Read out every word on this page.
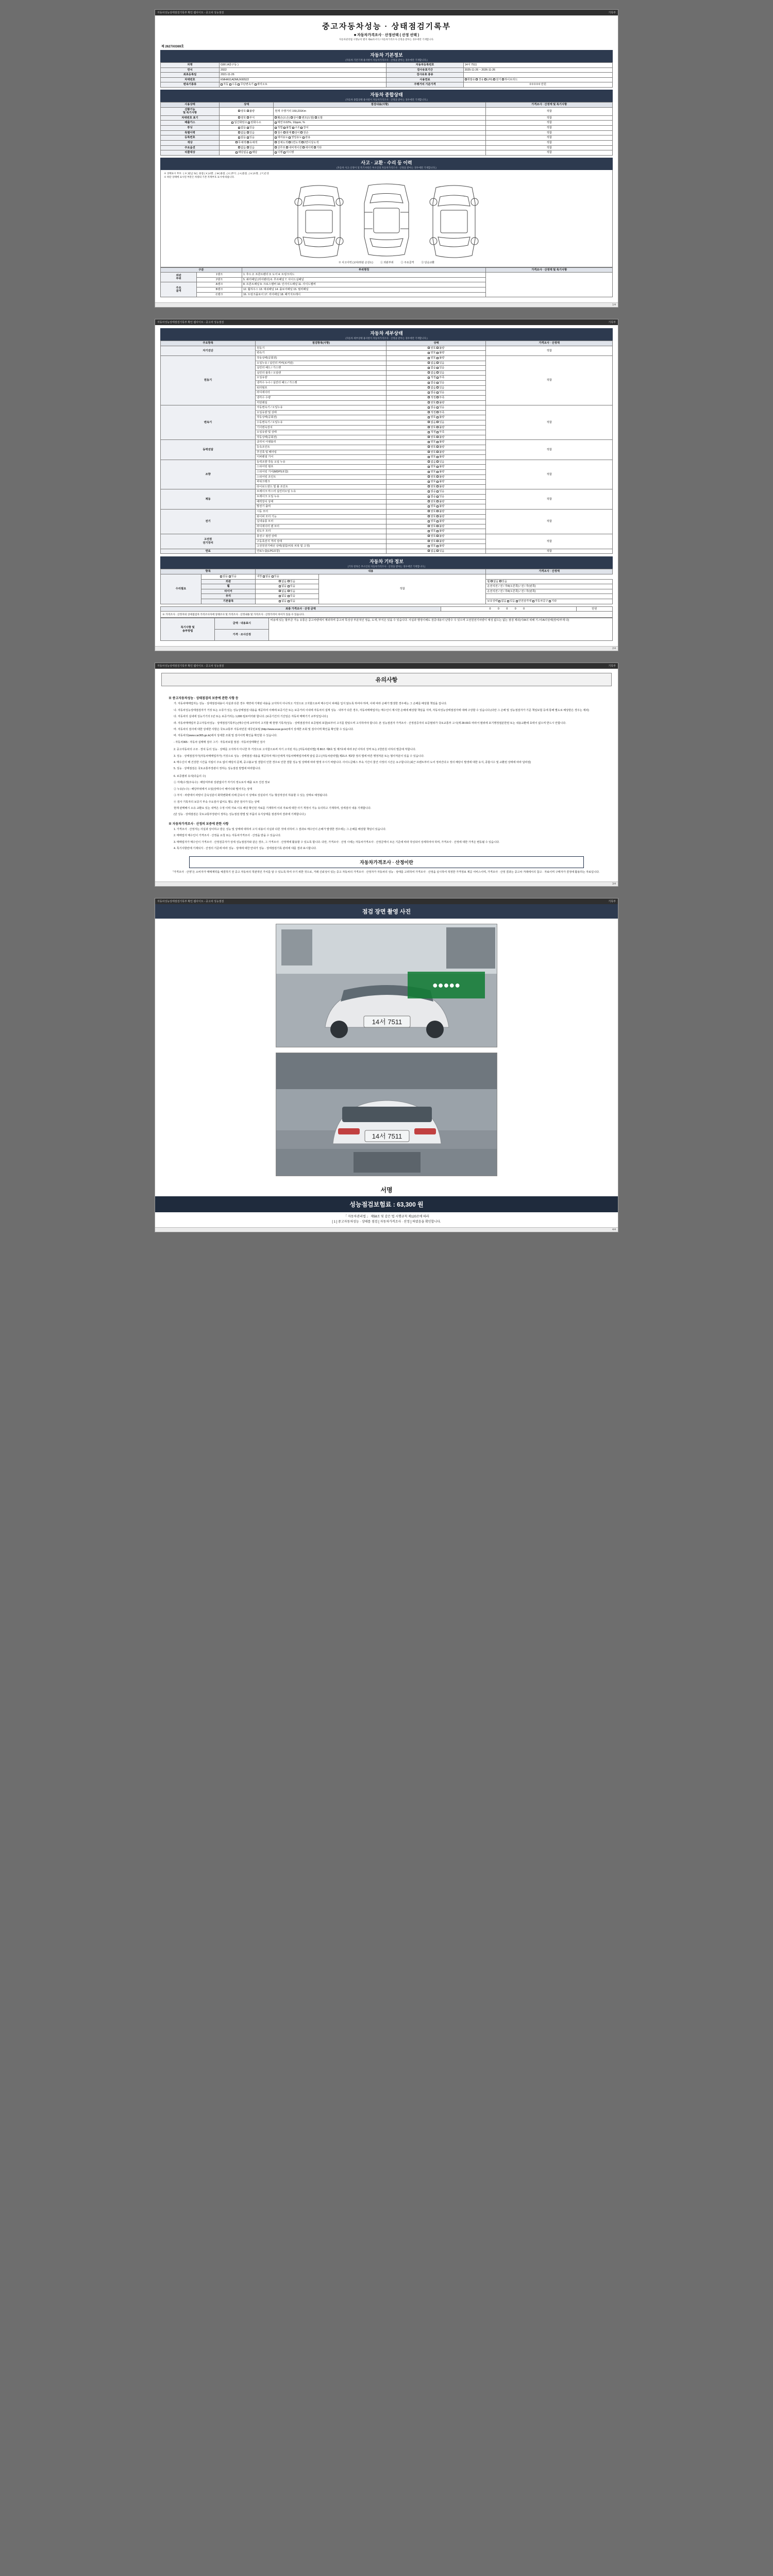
자동차성능상태점검기록부 확인 웹사이트 - 중고차 성능점검	기록부
중고자동차성능 · 상태점검기록부
■ 자동차가격조사 · 산정선택 ( 산정 선택 )
자동차관리법 시행규칙 별지 제82호서식 / 자동차가격조사·산정을 받아는 경우에만 기재합니다.
제 2627X0369호
자동차 기본정보
(자동차 기본기재 용사항이 자동차가격조사 · 산정을 받아는 경우에만 기재합니다.)
차명	G90 (4륜구동 )	자동차등록번호	14서 7511
연식	2022	검사유효기간	2025-11-26 ~ 2026-11-26
최초등록일	2021-11-26	검사유효 종류	
차대번호	KMHK61ADMUX00522	사용연료	휘발유 경유 LPG 전기 하이브리드
변속기종류	자동 수동 무단변속기 세미오토	주행거리 기준가격	0 0 0 0 0 만원
자동차 종합상태
(자동차 종합상태 용사항이 자동차가격조사 · 산정을 받아는 경우에만 기재합니다.)
사용상태	상태	점검내용(사항)	가격조사 · 산정액 및 특기사항
선황기능
및 특기사항	양호 불량	현재 주행거리 150,231Km	적합
차대번호 표기	양호 부식	훼손(오손) 상이 변조(도말) 도말	적합
배출가스	일산화탄소 탄화수소	매연 0.02%, 10ppm, %	적합
튜닝	없음 있음	적법 불법 구조 장치	적합
특별이력	없음 있음	침수 화재 상이 전손	적합
등록번호	없음 있음	대여용도 영업용도 관용	적합
색상	무채색 유채색	전체도색 1면도색 2면이상도색	적합
주요옵션	없음 있음	선루프 내비게이션 에어백 기타	적합
리콜대상	해당없음 해당	이행 미이행	적합
사고 · 교환 · 수리 등 이력
(자동차 사고·산정이 및 특기사항은 부소인의 자동차가격조사 · 산정을 받아는 경우에만 기재합니다.)
※ 상태표시 부호 : ( ※ )판금 또는 용접 ( X )교환 , ( W )용접 , ( C )부식 , ( A )흠집 , ( U )요철 , ( T )손상
※ 하단 상태에 표시된 부분은 차량의 기본 자재부호 표시에 따릅니다.
※ 사고이력 (교차/외판 손상도)	① 외판부위	② 주요골격	③ 단순교환
구분		부위명칭	가격조사 · 산정액 및 특기사항
외판
부위	1랭크	1. 후드 2. 프론트펜더 3. 도어 4. 트렁크리드	
	2랭크	5. 쿼터패널 (리어펜더) 6. 루프패널 7. 사이드실패널	
주요
골격	A랭크	8. 프론트패널 9. 크로스멤버 10. 인사이드패널 11. 사이드멤버	
	B랭크	12. 휠하우스 13. 대쉬패널 14. 플로어패널 15. 필러패널	
	C랭크	16. 트렁크플로어 17. 리어패널 18. 패키지트레이	
1/4
자동차성능상태점검기록부 확인 웹사이트 - 중고차 성능점검	기록부
자동차 세부상태
(자동차 세부상태 용사항이 자동차가격조사 · 산정을 받아는 경우에만 기재합니다.)
주요항목	점검항목(사항)	상태	가격조사 · 산정액
자기진단	원동기	양호 불량	적합
	변속기	양호 불량	
원동기	작동상태(공회전)	양호 불량	적합
	오일누유 / 실린더 커버(로커암)	없음 있음	
	실린더 헤드 / 가스켓	없음 있음	
	실린더 블록 / 오일팬	없음 있음	
	오일유량	적정 부족	
	냉각수 누수 / 실린더 헤드 / 가스켓	없음 있음	
	워터펌프	없음 있음	
	라디에이터	없음 있음	
	냉각수 수량	적정 부족	
	커먼레일	양호 불량	
변속기	자동변속기 / 오일누유	없음 있음	적합
	오일유량 및 상태	적정 부족	
	작동상태(공회전)	양호 불량	
	수동변속기 / 오일누유	없음 있음	
	기어변속장치	양호 불량	
	오일유량 및 상태	적정 부족	
	작동상태(공회전)	양호 불량	
동력전달	클러치 어셈블리	양호 불량	적합
	등속조인트	양호 불량	
	추진축 및 베어링	양호 불량	
	디퍼렌셜 기어	양호 불량	
조향	동력조향 작동 오일 누유	없음 있음	적합
	스티어링 펌프	양호 불량	
	스티어링 기어(MDPS포함)	양호 불량	
	스티어링 조인트	양호 불량	
	파워크랭크	양호 불량	
	타이로드엔드 및 볼 조인트	양호 불량	
제동	브레이크 마스터 실린더오일 누유	없음 있음	적합
	브레이크 오일 누유	없음 있음	
	배력장치 상태	양호 불량	
	발전기 출력	양호 불량	
전기	시동 모터	양호 불량	적합
	와이퍼 모터 기능	양호 불량	
	실내송풍 모터	양호 불량	
	라디에이터 팬 모터	양호 불량	
	윈도우 모터	양호 불량	
고전원
전기장치	충전구 절연 상태	양호 불량	적합
	구동축전지 격리 상태	양호 불량	
	고전원전기배선 상태(접힘/피복 피복 및 고정)	양호 불량	
연료	연료누출(LPG포함)	없음 있음	적합
자동차 기타 정보
(기타 항목은 부소인의 자동차가격조사 · 산정을 받아는 경우에만 기재합니다.)
항목		내용		가격조사 · 산정액
수리필요	없음 있음	내장 없음 있음	적합	
	외관	없음 있음		휠 없음 있음
	휠	없음 있음		운전석전 / 전 / 후8(오른쪽) / 전 / 후(왼쪽)
	타이어	없음 있음		운전석전 / 전 / 후8(오른쪽) / 전 / 후(왼쪽)
	유리	없음 있음		
	기본품목	없음 있음		보유상태 없음 있음 안전삼각대 자동차공구 기타
최종 가격조사 · 산정 금액	0 0 0 0 0	만원
※ 가격조사 · 산정자의 상세점검자 가격조사자에 상태조사 및 가격조사 · 산정내용 및 가격조사 · 산정가격이 차이가 있을 수 있습니다.
특기사항 및
송부방법	금액 · 내용표시	비용에 있는 할부금 가능 유통은 중고차량에서 제외하며 중고차 특성상 부분적인 정음, 도색, 부식은 있을 수 있습니다. 사실과 행정이해도 검증내용이 난방수 수 있으며 고전원전기차량이 예성 없으는 없는 점검 제외(사/A의 위해 기 /사/A의상태(장비/부재 다)
가격 · 조사산정
2/4
자동차성능상태점검기록부 확인 웹사이트 - 중고차 성능점검	기록부
유의사항
※ 중고자동차성능 · 상태점검의 보증에 관한 사항 등
가. 자동차매매업자는 성능 · 상태점검내용이 사실과 다른 경우 계약에 기재된 내용을 교지하지 아니하고 거짓으로 고지할으로써 매수인이 피해를 입지 않도록 하여야 하며, 이에 따라 손해가 발생한 경우에는 그 손해를 배상할 책임을 집니다.
나. 자동차성능상태점검자가 거짓 또는 오류가 있는 성능상태점검 내용을 제공하여 이해에 보증기간 또는 보증거리 이내에 자동차의 설계 성능 · 내부가 다른 경우, 자동차매매업자는 매수인이 제시한 손해에 배상할 책임을 지며, 자동차성능상태점검자에 대해 구상할 수 있습니다.(다만 그 손해 및 성능점검자가 기준 책임보험 등에 통해 별도로 배상받은 경우는 제외)
다. 자동차의 실내에 성능기기의 1년 또는 보증거리는 1,000 킬로미터와 합니다. (보증기간의 기산일은 자동차 매매기기 교부일입니다.)
라. 자동차매매업자 중고자동차성능 · 상태점검기록부는(매수인에 교부하여 고지할 때 현행 기록자(성능 · 상태점검자의 보증범위 포함)로부터 고지를 받았으며 고지하여야 합니다. 본 성능점검자 가격조사 · 산정검증자의 보증범위가 국토교통부 고시(제 28-09호 따라서 범위에 포기행정절분한된 또는 내용교환에 효력이 없으며 반드시 안합니다.
마. 자동차의 검사에 대한 상세한 사항은 국토교통부 자동차민원 대국민포털 (http://www.ecar.go.kr)에서 상세한 조회 및 검사이력 확인을 확인할 수 있습니다.
바. 자동차의(www.car365.go.kr)에서 상세한 조회 및 검사이력 확인을 확인할 수 있습니다.
- 자동차365 : 자동차 실매매 검사 그기 : 자동차보험 점검 : 자동차상태확인 검사
2. 중고자동차의 구조 · 장치 등의 성능 · 상태를 고지하지 아니한 후 거짓으로 고지함으로써 자기 고지된 자는 [자동차관리법] 제 80조 제8호 및 제7호에 따라 2년 이하의 징역 또는 2천만원 이하의 벌금에 처합니다.
3. 성능 · 상태점검자가(자동차매매업자가) 거짓으로 성능 · 상태점검 내용을 제공하여 매수인에게 자동차매매업자에게 알림 중고 [자동차관리법] 제21조 제2항 정의 법에 따른 행정처분 또는 형사처분이 있을 수 있습니다.
4. 매수신이 해 건강한 시간을 지킬이 주요 없이 해당의 문제, 중고불교 및 결함의 인한 경우로 인한 결함 성능 및 상태에 따라 발생 주시기 바랍니다. 사이드글래스 부속 기간이 물건 사정의 시간은 요구합니다 (최근 프렌트부터 도어 정차간다고 정의 해당이 발생에 대한 유지, 종합시수 및 교환된 상태에 따라 달라짐)
5. 성능 · 상태점검은 국토교통부장관이 정하는 성능점검 방법에 따라합니다.
6. 보증범위 유의(다음의 수)
① 자세(수정(주속수) : 해당여부와 상관없이가 자기의 정도로서 배출 보조 진전 정보
② 누유(누수) : 해당부위에서 오일(상태수이 배어나와 떨어지는 상태
③ 부식 : 차량에서 파랑이 금속성분이 화학변화에 의해 금속이 이 상태로 상실되어 기능 형상적상의 하용할 수 있는 상태로 예정됩니다.
④ 검사 기록자의 보증기 부속 주요검사 없어도 별도 감안 검사가 있는 상태
현재 판매배시 소유 교환요 있는 내역은 수정 이력 자료 이유 해당 확인된 자료를 기재하며 이외 자료에 대한 사기 개정이 가능 유의하고 기재하며, 상세검사 내용 기재합니다.
(단 성능 · 상태점검은 국토교통부장관이 정하는 성능점검 방법 및 부품의 유지상태를 점검하여 결과에 기재합니다.)
※ 자동차가격조사 · 산정의 보증에 관한 사항
1. 가격조사 · 산정자는 사실과 상이하고 받은 성능 및 상태에 대하여 고지 내용이 사실과 다른 것에 의하여 그 결과로 매수인이 손해가 발생한 경우에는 그 손해를 배상할 책임이 있습니다.
2. 매매업자 매수인이 가격조사 · 산정을 요청 또는 자동차가격조사 · 산정을 받을 수 있습니다.
3. 매매업자가 매수인이 가격조사 · 산정검증자가 상세 성능점검자와 같은 경우, 그 가격조사 · 산정액에 활용할 수 있도록 합니다. 다만, 가격조사 · 산정 시에는 자동차가격조사 · 산정금액이 모든 기준에 따라 작성되어 상세하여야 하며, 가격조사 · 산정에 대한 가격은 변동될 수 있습니다.
4. 특기사항란에 기재되지 · 산정의 기준에 따라 성능 · 상태에 대한 안내가 성능 · 상태점검기록 관리에 대를 결과 표시합니다.
자동차가격조사 · 산정이란
"가격조사 · 산정"은 소비자가 매매계약을 체결하기 전 중고 자동차의 객관적인 가치를 알 수 있도록 하여 주기 위한 것으로, 거래 신뢰성이 있는 중고 자동차의 가격조사 · 산정자가 자동차의 성능 · 상태를 고려하여 가격조사 · 산정을 실시하여 적정한 가격정보 제공 서비스이며, 가격조사 · 산정 결과는 중고차 거래에서의 참고 · 자료이며 구매자가 결정에 활용하는 자료입니다.
3/4
자동차성능상태점검기록부 확인 웹사이트 - 중고차 성능점검	기록부
점검 장면 촬영 사진
14서 7511
●●●●●
14서 7511
서명
성능점검보험료 : 63,300 원
「 자동차관리법 」 제58조 및 같은 법 시행규칙 제120조에 따라
[ 1 ] 중고자동차성능 · 상태를 점검 [ 자동차가격조사 · 산정 ] 하였음을 확인합니다.
4/4
